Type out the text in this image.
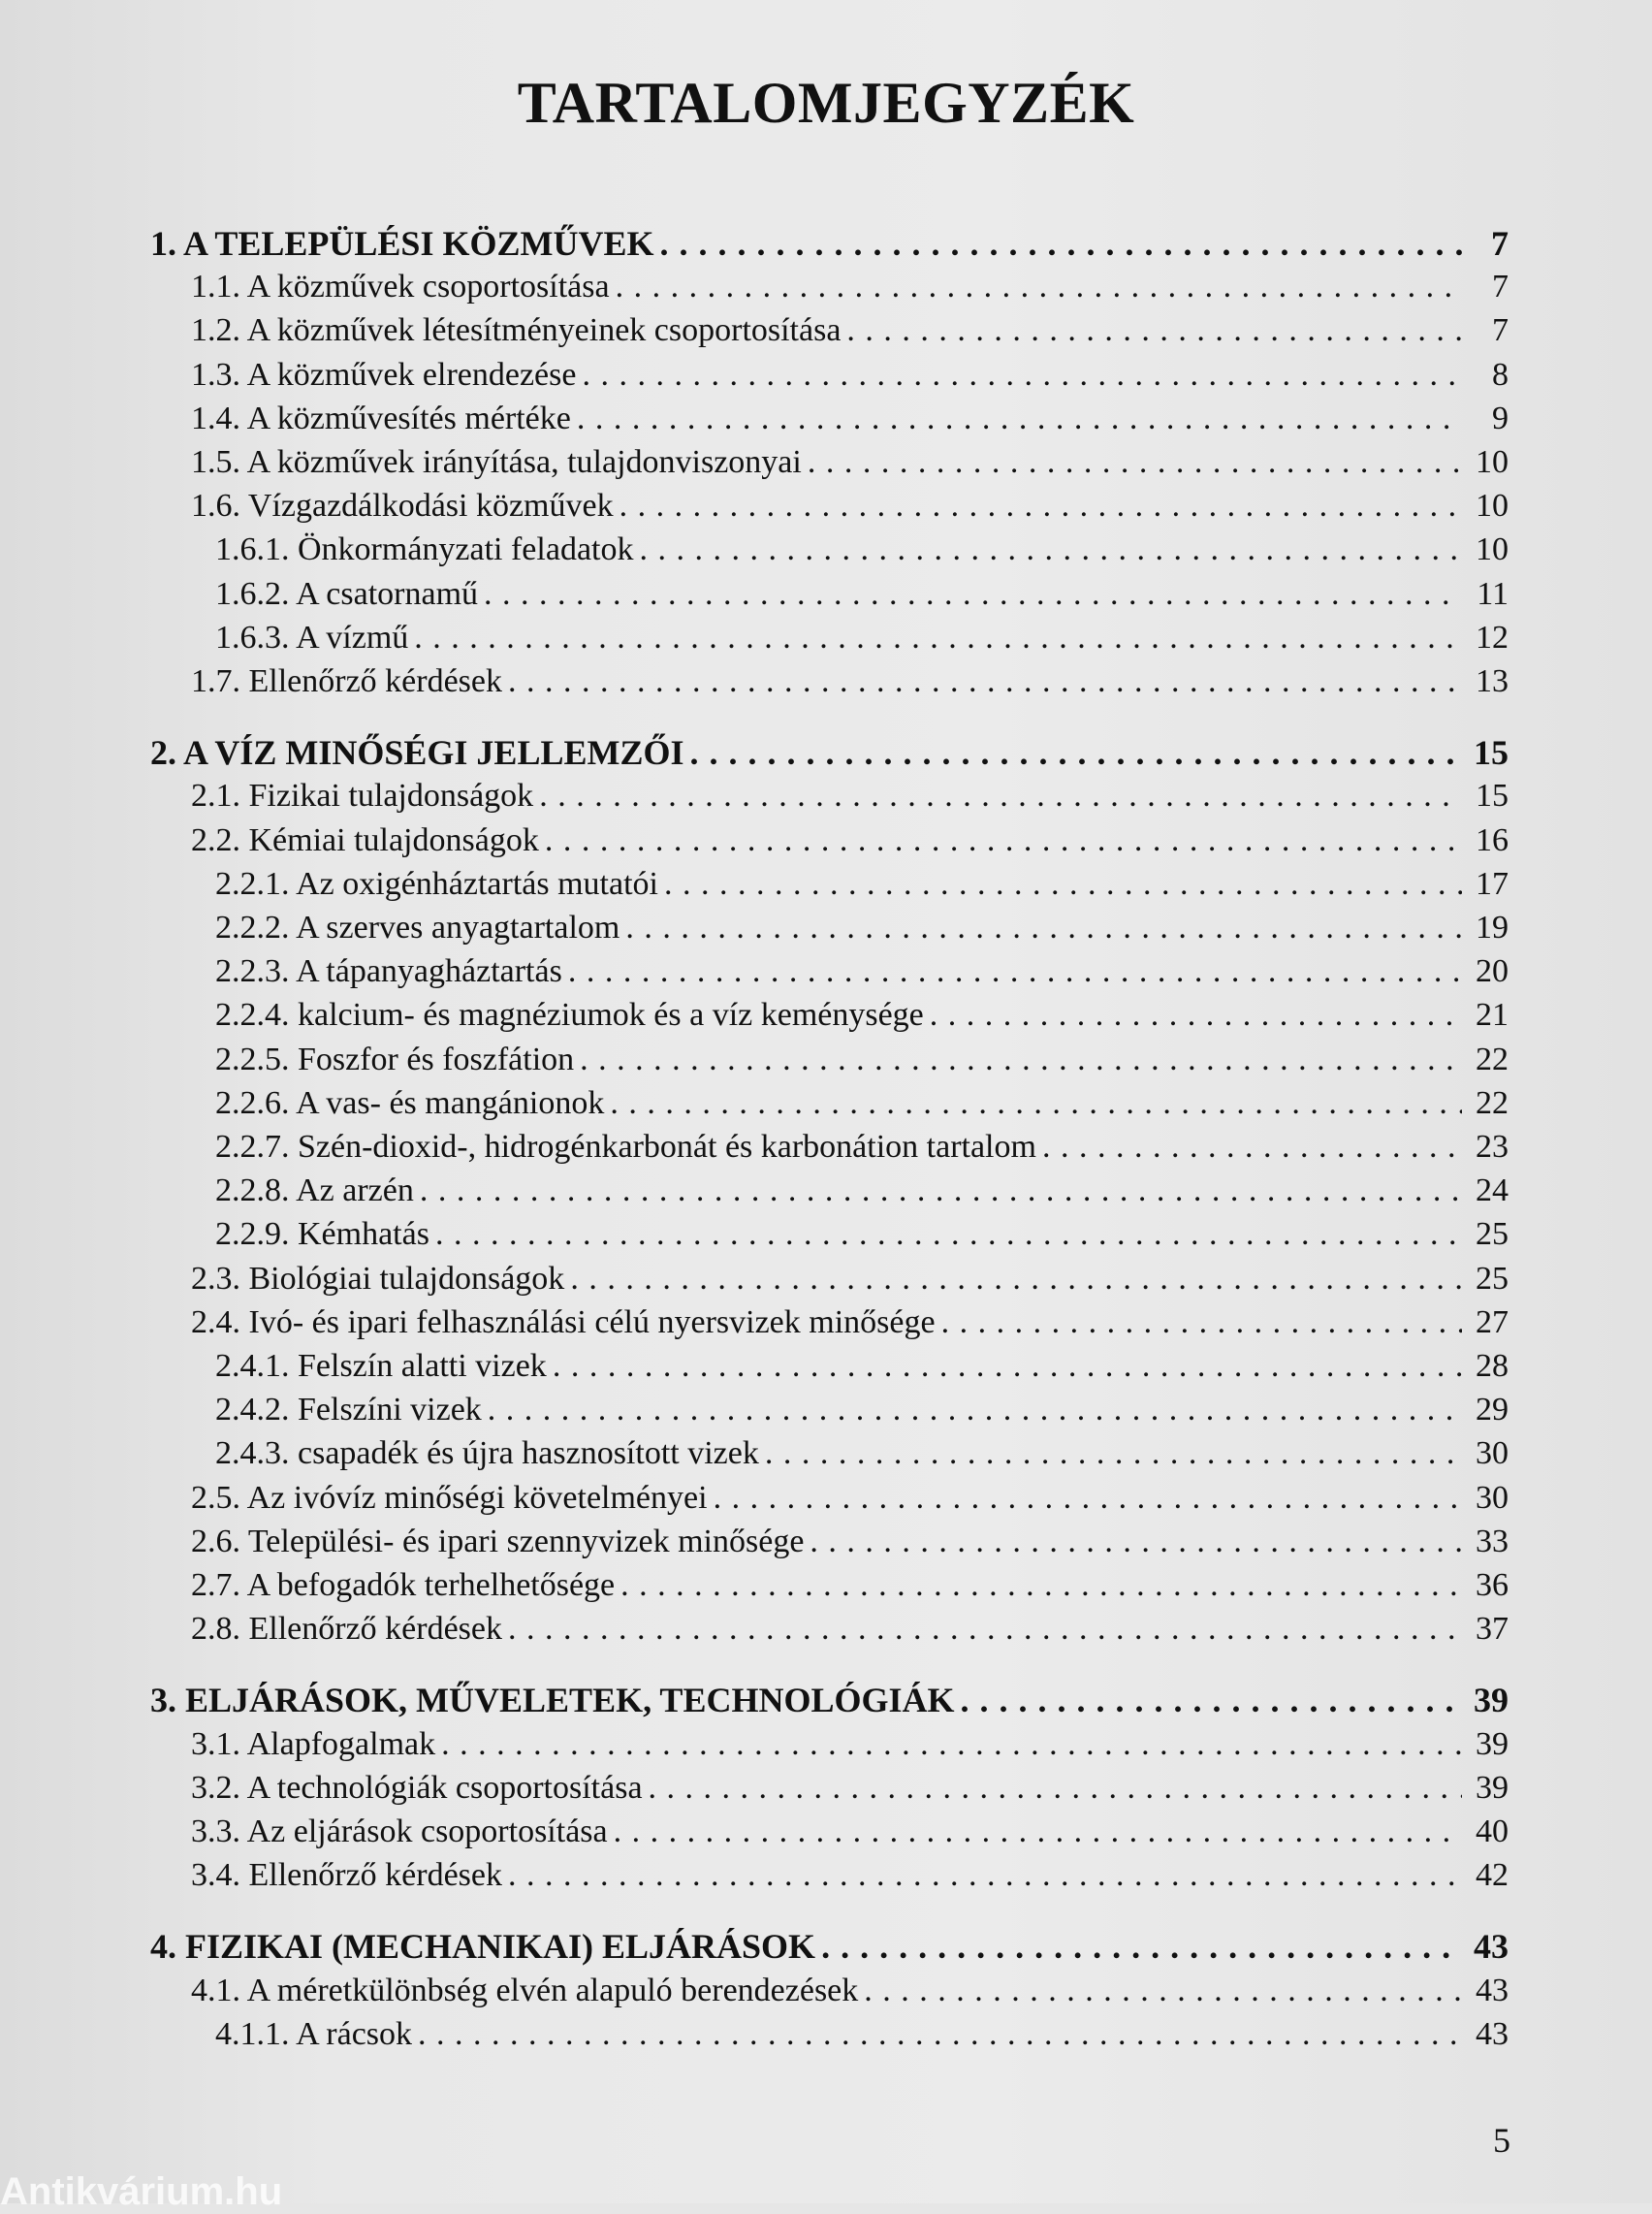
TARTALOMJEGYZÉK
1. A TELEPÜLÉSI KÖZMŰVEK . . .	7
1.1. A közművek csoportosítása . . .	7
1.2. A közművek létesítményeinek csoportosítása . . .	7
1.3. A közművek elrendezése . . .	8
1.4. A közművesítés mértéke . . .	9
1.5. A közművek irányítása, tulajdonviszonyai . . .	10
1.6. Vízgazdálkodási közművek . . .	10
1.6.1. Önkormányzati feladatok . . .	10
1.6.2. A csatornamű . . .	11
1.6.3. A vízmű . . .	12
1.7. Ellenőrző kérdések . . .	13
2. A VÍZ MINŐSÉGI JELLEMZŐI . . .	15
2.1. Fizikai tulajdonságok . . .	15
2.2. Kémiai tulajdonságok . . .	16
2.2.1. Az oxigénháztartás mutatói . . .	17
2.2.2. A szerves anyagtartalom . . .	19
2.2.3. A tápanyagháztartás . . .	20
2.2.4. kalcium- és magnéziumok és a víz keménysége . . .	21
2.2.5. Foszfor és foszfátion . . .	22
2.2.6. A vas- és mangánionok . . .	22
2.2.7. Szén-dioxid-, hidrogénkarbonát és karbonátion tartalom . . .	23
2.2.8. Az arzén . . .	24
2.2.9. Kémhatás . . .	25
2.3. Biológiai tulajdonságok . . .	25
2.4. Ivó- és ipari felhasználási célú nyersvizek minősége . . .	27
2.4.1. Felszín alatti vizek . . .	28
2.4.2. Felszíni vizek . . .	29
2.4.3. csapadék és újra hasznosított vizek . . .	30
2.5. Az ivóvíz minőségi követelményei . . .	30
2.6. Települési- és ipari szennyvizek minősége . . .	33
2.7. A befogadók terhelhetősége . . .	36
2.8. Ellenőrző kérdések . . .	37
3. ELJÁRÁSOK, MŰVELETEK, TECHNOLÓGIÁK . . .	39
3.1. Alapfogalmak . . .	39
3.2. A technológiák csoportosítása . . .	39
3.3. Az eljárások csoportosítása . . .	40
3.4. Ellenőrző kérdések . . .	42
4. FIZIKAI (MECHANIKAI) ELJÁRÁSOK . . .	43
4.1. A méretkülönbség elvén alapuló berendezések . . .	43
4.1.1. A rácsok . . .	43
5
Antikvárium.hu
